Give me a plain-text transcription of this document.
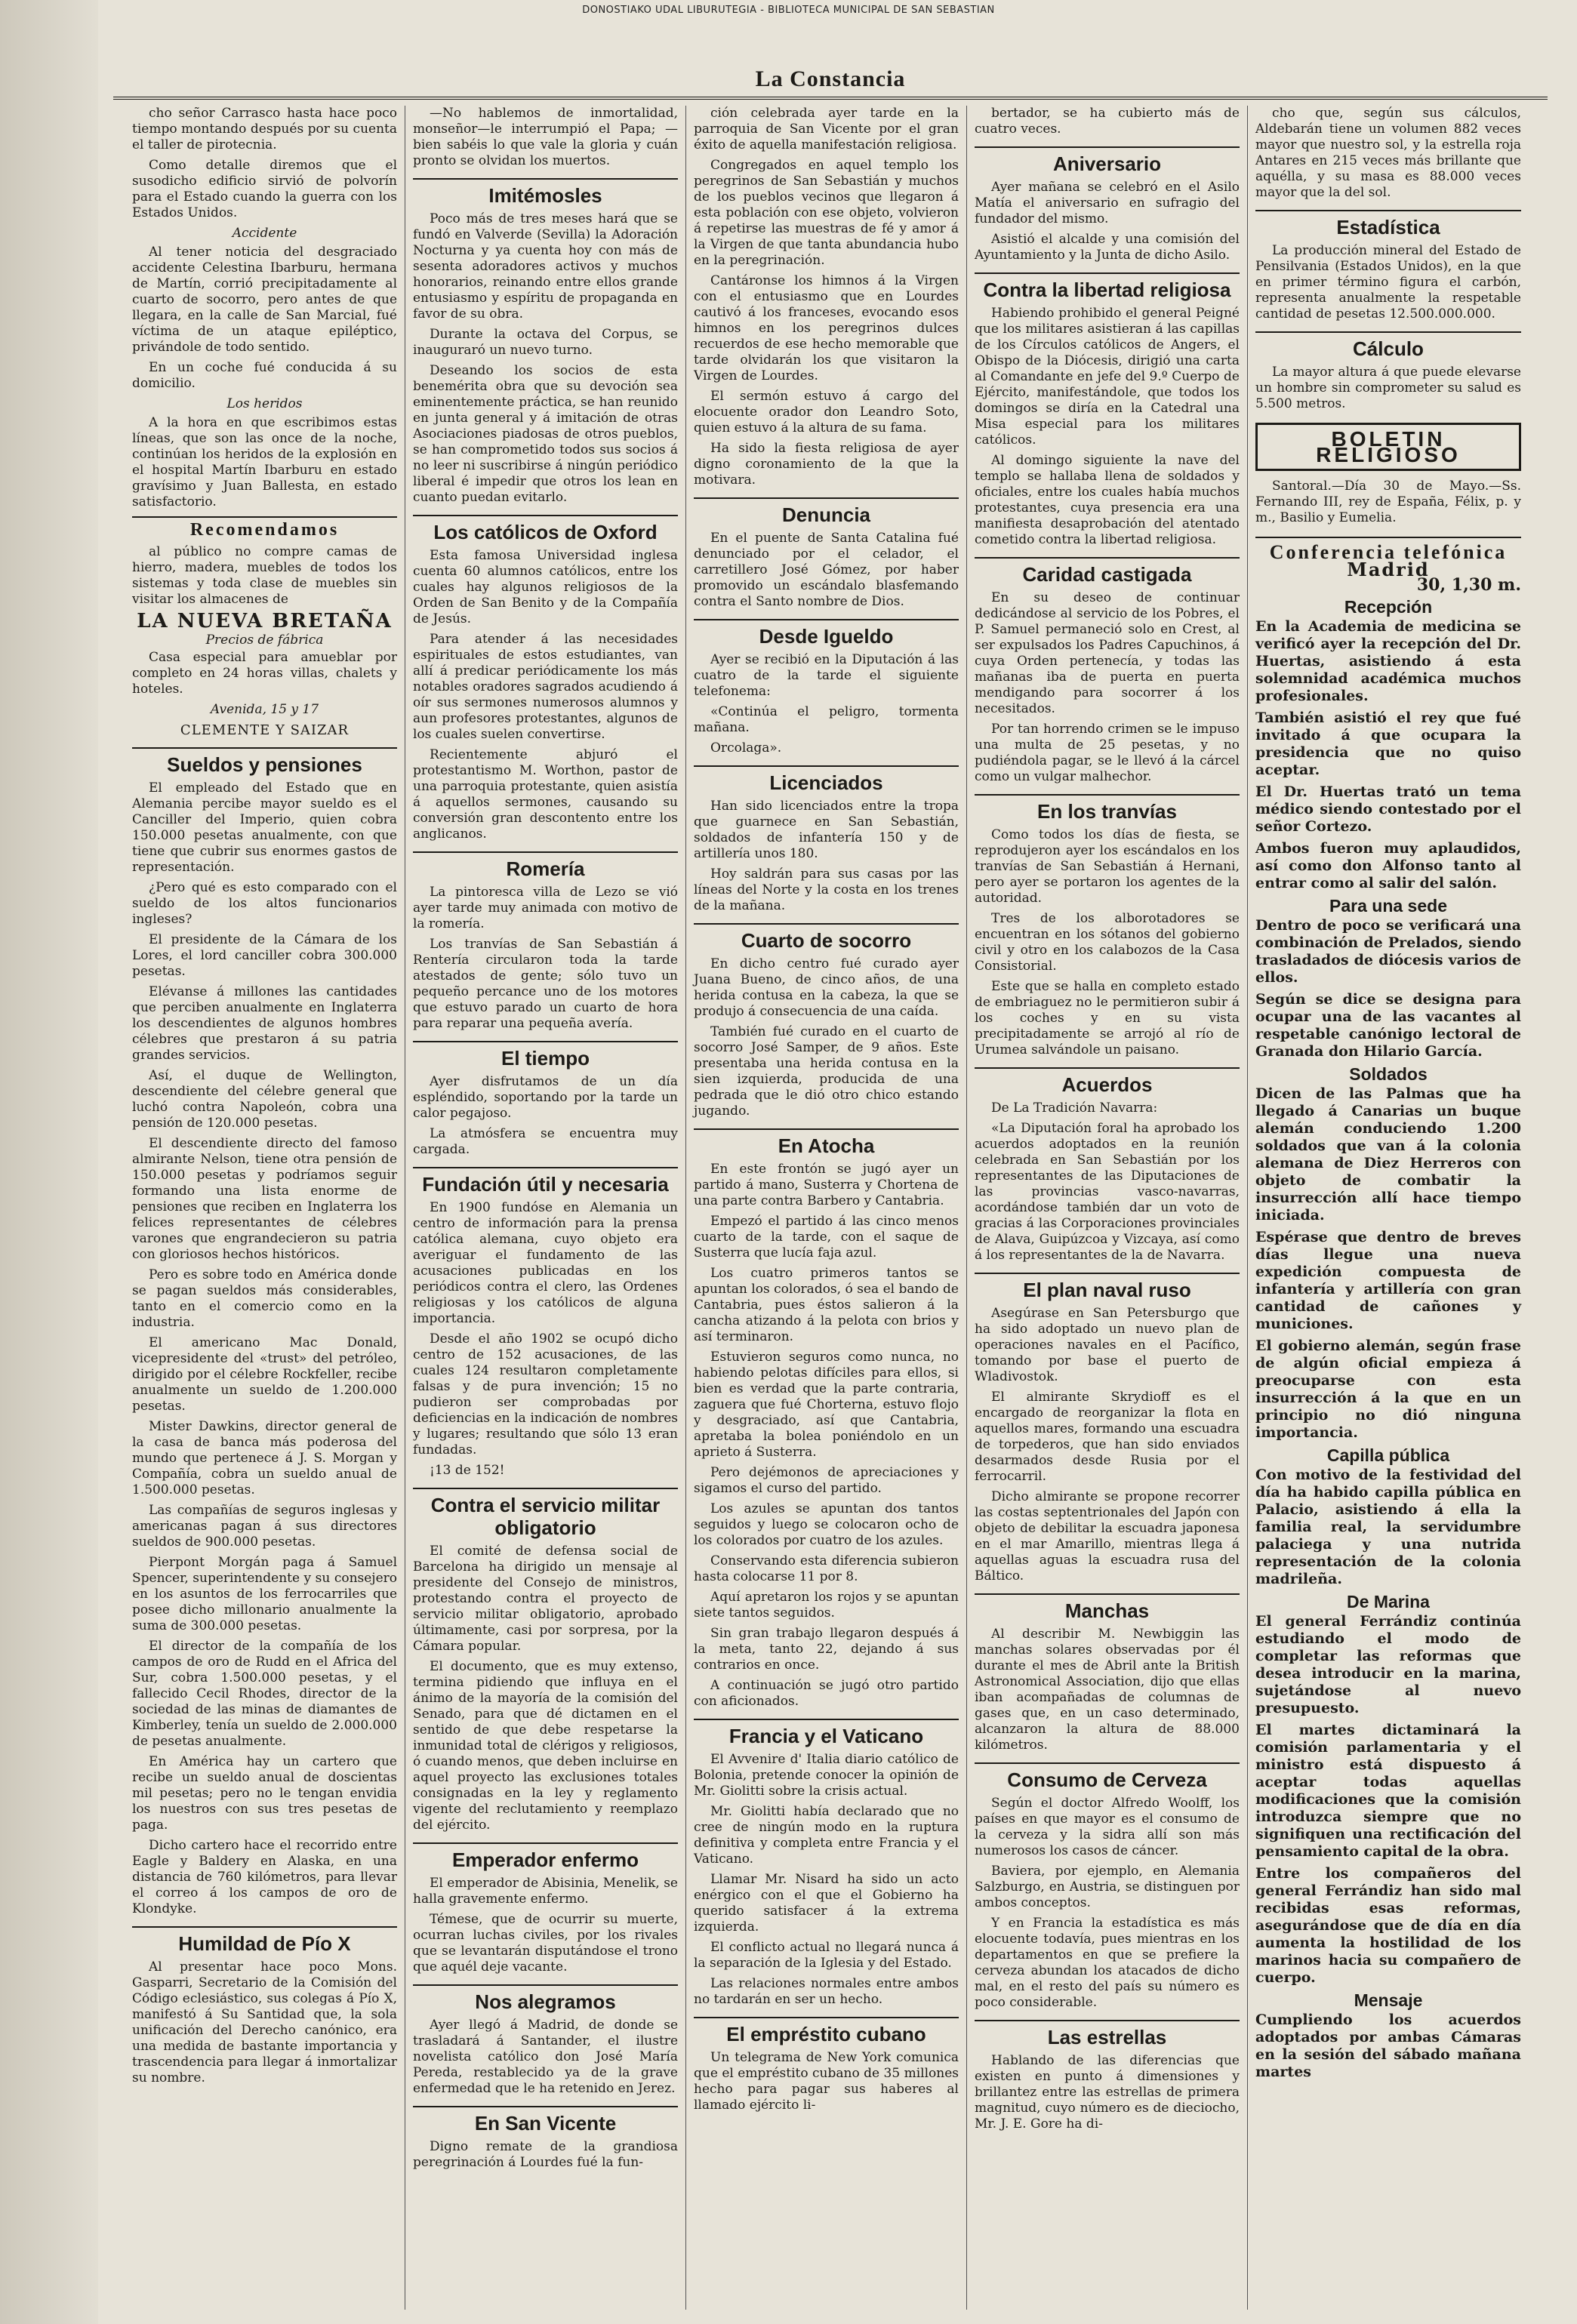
DONOSTIAKO UDAL LIBURUTEGIA - BIBLIOTECA MUNICIPAL DE SAN SEBASTIAN
La Constancia

cho señor Carrasco hasta hace poco tiempo montando después por su cuenta el taller de pirotecnia.

Como detalle diremos que el susodicho edificio sirvió de polvorín para el Estado cuando la guerra con los Estados Unidos.

Accidente

Al tener noticia del desgraciado accidente Celestina Ibarburu, hermana de Martín, corrió precipitadamente al cuarto de socorro, pero antes de que llegara, en la calle de San Marcial, fué víctima de un ataque epiléptico, privándole de todo sentido.

En un coche fué conducida á su domicilio.

Los heridos

A la hora en que escribimos estas líneas, que son las once de la noche, continúan los heridos de la explosión en el hospital Martín Ibarburu en estado gravísimo y Juan Ballesta, en estado satisfactorio.

Recomendamos

al público no compre camas de hierro, madera, muebles de todos los sistemas y toda clase de muebles sin visitar los almacenes de

LA NUEVA BRETAÑA
Precios de fábrica

Casa especial para amueblar por completo en 24 horas villas, chalets y hoteles.

Avenida, 15 y 17
CLEMENTE Y SAIZAR
Sueldos y pensiones

El empleado del Estado que en Alemania percibe mayor sueldo es el Canciller del Imperio, quien cobra 150.000 pesetas anualmente, con que tiene que cubrir sus enormes gastos de representación.

¿Pero qué es esto comparado con el sueldo de los altos funcionarios ingleses?

El presidente de la Cámara de los Lores, el lord canciller cobra 300.000 pesetas.

Elévanse á millones las cantidades que perciben anualmente en Inglaterra los descendientes de algunos hombres célebres que prestaron á su patria grandes servicios.

Así, el duque de Wellington, descendiente del célebre general que luchó contra Napoleón, cobra una pensión de 120.000 pesetas.

El descendiente directo del famoso almirante Nelson, tiene otra pensión de 150.000 pesetas y podríamos seguir formando una lista enorme de pensiones que reciben en Inglaterra los felices representantes de célebres varones que engrandecieron su patria con gloriosos hechos históricos.

Pero es sobre todo en América donde se pagan sueldos más considerables, tanto en el comercio como en la industria.

El americano Mac Donald, vicepresidente del «trust» del petróleo, dirigido por el célebre Rockfeller, recibe anualmente un sueldo de 1.200.000 pesetas.

Mister Dawkins, director general de la casa de banca más poderosa del mundo que pertenece á J. S. Morgan y Compañía, cobra un sueldo anual de 1.500.000 pesetas.

Las compañías de seguros inglesas y americanas pagan á sus directores sueldos de 900.000 pesetas.

Pierpont Morgán paga á Samuel Spencer, superintendente y su consejero en los asuntos de los ferrocarriles que posee dicho millonario anualmente la suma de 300.000 pesetas.

El director de la compañía de los campos de oro de Rudd en el Africa del Sur, cobra 1.500.000 pesetas, y el fallecido Cecil Rhodes, director de la sociedad de las minas de diamantes de Kimberley, tenía un sueldo de 2.000.000 de pesetas anualmente.

En América hay un cartero que recibe un sueldo anual de doscientas mil pesetas; pero no le tengan envidia los nuestros con sus tres pesetas de paga.

Dicho cartero hace el recorrido entre Eagle y Baldery en Alaska, en una distancia de 760 kilómetros, para llevar el correo á los campos de oro de Klondyke.

Humildad de Pío X

Al presentar hace poco Mons. Gasparri, Secretario de la Comisión del Código eclesiástico, sus colegas á Pío X, manifestó á Su Santidad que, la sola unificación del Derecho canónico, era una medida de bastante importancia y trascendencia para llegar á inmortalizar su nombre.

—No hablemos de inmortalidad, monseñor—le interrumpió el Papa; —bien sabéis lo que vale la gloria y cuán pronto se olvidan los muertos.

Imitémosles

Poco más de tres meses hará que se fundó en Valverde (Sevilla) la Adoración Nocturna y ya cuenta hoy con más de sesenta adoradores activos y muchos honorarios, reinando entre ellos grande entusiasmo y espíritu de propaganda en favor de su obra.

Durante la octava del Corpus, se inauguraró un nuevo turno.

Deseando los socios de esta benemérita obra que su devoción sea eminentemente práctica, se han reunido en junta general y á imitación de otras Asociaciones piadosas de otros pueblos, se han comprometido todos sus socios á no leer ni suscribirse á ningún periódico liberal é impedir que otros los lean en cuanto puedan evitarlo.

Los católicos de Oxford

Esta famosa Universidad inglesa cuenta 60 alumnos católicos, entre los cuales hay algunos religiosos de la Orden de San Benito y de la Compañía de Jesús.

Para atender á las necesidades espirituales de estos estudiantes, van allí á predicar periódicamente los más notables oradores sagrados acudiendo á oír sus sermones numerosos alumnos y aun profesores protestantes, algunos de los cuales suelen convertirse.

Recientemente abjuró el protestantismo M. Worthon, pastor de una parroquia protestante, quien asistía á aquellos sermones, causando su conversión gran descontento entre los anglicanos.

Romería

La pintoresca villa de Lezo se vió ayer tarde muy animada con motivo de la romería.

Los tranvías de San Sebastián á Rentería circularon toda la tarde atestados de gente; sólo tuvo un pequeño percance uno de los motores que estuvo parado un cuarto de hora para reparar una pequeña avería.

El tiempo

Ayer disfrutamos de un día espléndido, soportando por la tarde un calor pegajoso.

La atmósfera se encuentra muy cargada.

Fundación útil y necesaria

En 1900 fundóse en Alemania un centro de información para la prensa católica alemana, cuyo objeto era averiguar el fundamento de las acusaciones publicadas en los periódicos contra el clero, las Ordenes religiosas y los católicos de alguna importancia.

Desde el año 1902 se ocupó dicho centro de 152 acusaciones, de las cuales 124 resultaron completamente falsas y de pura invención; 15 no pudieron ser comprobadas por deficiencias en la indicación de nombres y lugares; resultando que sólo 13 eran fundadas.

¡13 de 152!

Contra el servicio militar obligatorio

El comité de defensa social de Barcelona ha dirigido un mensaje al presidente del Consejo de ministros, protestando contra el proyecto de servicio militar obligatorio, aprobado últimamente, casi por sorpresa, por la Cámara popular.

El documento, que es muy extenso, termina pidiendo que influya en el ánimo de la mayoría de la comisión del Senado, para que dé dictamen en el sentido de que debe respetarse la inmunidad total de clérigos y religiosos, ó cuando menos, que deben incluirse en aquel proyecto las exclusiones totales consignadas en la ley y reglamento vigente del reclutamiento y reemplazo del ejército.

Emperador enfermo

El emperador de Abisinia, Menelik, se halla gravemente enfermo.

Témese, que de ocurrir su muerte, ocurran luchas civiles, por los rivales que se levantarán disputándose el trono que aquél deje vacante.

Nos alegramos

Ayer llegó á Madrid, de donde se trasladará á Santander, el ilustre novelista católico don José María Pereda, restablecido ya de la grave enfermedad que le ha retenido en Jerez.

En San Vicente

Digno remate de la grandiosa peregrinación á Lourdes fué la fun-

ción celebrada ayer tarde en la parroquia de San Vicente por el gran éxito de aquella manifestación religiosa.

Congregados en aquel templo los peregrinos de San Sebastián y muchos de los pueblos vecinos que llegaron á esta población con ese objeto, volvieron á repetirse las muestras de fé y amor á la Virgen de que tanta abundancia hubo en la peregrinación.

Cantáronse los himnos á la Virgen con el entusiasmo que en Lourdes cautivó á los franceses, evocando esos himnos en los peregrinos dulces recuerdos de ese hecho memorable que tarde olvidarán los que visitaron la Virgen de Lourdes.

El sermón estuvo á cargo del elocuente orador don Leandro Soto, quien estuvo á la altura de su fama.

Ha sido la fiesta religiosa de ayer digno coronamiento de la que la motivara.

Denuncia

En el puente de Santa Catalina fué denunciado por el celador, el carretillero José Gómez, por haber promovido un escándalo blasfemando contra el Santo nombre de Dios.

Desde Igueldo

Ayer se recibió en la Diputación á las cuatro de la tarde el siguiente telefonema:

«Continúa el peligro, tormenta mañana.

Orcolaga».

Licenciados

Han sido licenciados entre la tropa que guarnece en San Sebastián, soldados de infantería 150 y de artillería unos 180.

Hoy saldrán para sus casas por las líneas del Norte y la costa en los trenes de la mañana.

Cuarto de socorro

En dicho centro fué curado ayer Juana Bueno, de cinco años, de una herida contusa en la cabeza, la que se produjo á consecuencia de una caída.

También fué curado en el cuarto de socorro José Samper, de 9 años. Este presentaba una herida contusa en la sien izquierda, producida de una pedrada que le dió otro chico estando jugando.

En Atocha

En este frontón se jugó ayer un partido á mano, Susterra y Chortena de una parte contra Barbero y Cantabria.

Empezó el partido á las cinco menos cuarto de la tarde, con el saque de Susterra que lucía faja azul.

Los cuatro primeros tantos se apuntan los colorados, ó sea el bando de Cantabria, pues éstos salieron á la cancha atizando á la pelota con brios y así terminaron.

Estuvieron seguros como nunca, no habiendo pelotas difíciles para ellos, si bien es verdad que la parte contraria, zaguera que fué Chorterna, estuvo flojo y desgraciado, así que Cantabria, apretaba la bolea poniéndolo en un aprieto á Susterra.

Pero dejémonos de apreciaciones y sigamos el curso del partido.

Los azules se apuntan dos tantos seguidos y luego se colocaron ocho de los colorados por cuatro de los azules.

Conservando esta diferencia subieron hasta colocarse 11 por 8.

Aquí apretaron los rojos y se apuntan siete tantos seguidos.

Sin gran trabajo llegaron después á la meta, tanto 22, dejando á sus contrarios en once.

A continuación se jugó otro partido con aficionados.

Francia y el Vaticano

El Avvenire d' Italia diario católico de Bolonia, pretende conocer la opinión de Mr. Giolitti sobre la crisis actual.

Mr. Giolitti había declarado que no cree de ningún modo en la ruptura definitiva y completa entre Francia y el Vaticano.

Llamar Mr. Nisard ha sido un acto enérgico con el que el Gobierno ha querido satisfacer á la extrema izquierda.

El conflicto actual no llegará nunca á la separación de la Iglesia y del Estado.

Las relaciones normales entre ambos no tardarán en ser un hecho.

El empréstito cubano

Un telegrama de New York comunica que el empréstito cubano de 35 millones hecho para pagar sus haberes al llamado ejército li-

bertador, se ha cubierto más de cuatro veces.

Aniversario

Ayer mañana se celebró en el Asilo Matía el aniversario en sufragio del fundador del mismo.

Asistió el alcalde y una comisión del Ayuntamiento y la Junta de dicho Asilo.

Contra la libertad religiosa

Habiendo prohibido el general Peigné que los militares asistieran á las capillas de los Círculos católicos de Angers, el Obispo de la Diócesis, dirigió una carta al Comandante en jefe del 9.º Cuerpo de Ejército, manifestándole, que todos los domingos se diría en la Catedral una Misa especial para los militares católicos.

Al domingo siguiente la nave del templo se hallaba llena de soldados y oficiales, entre los cuales había muchos protestantes, cuya presencia era una manifiesta desaprobación del atentado cometido contra la libertad religiosa.

Caridad castigada

En su deseo de continuar dedicándose al servicio de los Pobres, el P. Samuel permaneció solo en Crest, al ser expulsados los Padres Capuchinos, á cuya Orden pertenecía, y todas las mañanas iba de puerta en puerta mendigando para socorrer á los necesitados.

Por tan horrendo crimen se le impuso una multa de 25 pesetas, y no pudiéndola pagar, se le llevó á la cárcel como un vulgar malhechor.

En los tranvías

Como todos los días de fiesta, se reprodujeron ayer los escándalos en los tranvías de San Sebastián á Hernani, pero ayer se portaron los agentes de la autoridad.

Tres de los alborotadores se encuentran en los sótanos del gobierno civil y otro en los calabozos de la Casa Consistorial.

Este que se halla en completo estado de embriaguez no le permitieron subir á los coches y en su vista precipitadamente se arrojó al río de Urumea salvándole un paisano.

Acuerdos

De La Tradición Navarra:

«La Diputación foral ha aprobado los acuerdos adoptados en la reunión celebrada en San Sebastián por los representantes de las Diputaciones de las provincias vasco-navarras, acordándose también dar un voto de gracias á las Corporaciones provinciales de Alava, Guipúzcoa y Vizcaya, así como á los representantes de la de Navarra.

El plan naval ruso

Asegúrase en San Petersburgo que ha sido adoptado un nuevo plan de operaciones navales en el Pacífico, tomando por base el puerto de Wladivostok.

El almirante Skrydioff es el encargado de reorganizar la flota en aquellos mares, formando una escuadra de torpederos, que han sido enviados desarmados desde Rusia por el ferrocarril.

Dicho almirante se propone recorrer las costas septentrionales del Japón con objeto de debilitar la escuadra japonesa en el mar Amarillo, mientras llega á aquellas aguas la escuadra rusa del Báltico.

Manchas

Al describir M. Newbiggin las manchas solares observadas por él durante el mes de Abril ante la British Astronomical Association, dijo que ellas iban acompañadas de columnas de gases que, en un caso determinado, alcanzaron la altura de 88.000 kilómetros.

Consumo de Cerveza

Según el doctor Alfredo Woolff, los países en que mayor es el consumo de la cerveza y la sidra allí son más numerosos los casos de cáncer.

Baviera, por ejemplo, en Alemania Salzburgo, en Austria, se distinguen por ambos conceptos.

Y en Francia la estadística es más elocuente todavía, pues mientras en los departamentos en que se prefiere la cerveza abundan los atacados de dicho mal, en el resto del país su número es poco considerable.

Las estrellas

Hablando de las diferencias que existen en punto á dimensiones y brillantez entre las estrellas de primera magnitud, cuyo número es de dieciocho, Mr. J. E. Gore ha di-

cho que, según sus cálculos, Aldebarán tiene un volumen 882 veces mayor que nuestro sol, y la estrella roja Antares en 215 veces más brillante que aquélla, y su masa es 88.000 veces mayor que la del sol.

Estadística

La producción mineral del Estado de Pensilvania (Estados Unidos), en la que en primer término figura el carbón, representa anualmente la respetable cantidad de pesetas 12.500.000.000.

Cálculo

La mayor altura á que puede elevarse un hombre sin comprometer su salud es 5.500 metros.

BOLETIN RELIGIOSO

Santoral.—Día 30 de Mayo.—Ss. Fernando III, rey de España, Félix, p. y m., Basilio y Eumelia.

Conferencia telefónica
Madrid
30, 1,30 m.
Recepción

En la Academia de medicina se verificó ayer la recepción del Dr. Huertas, asistiendo á esta solemnidad académica muchos profesionales.

También asistió el rey que fué invitado á que ocupara la presidencia que no quiso aceptar.

El Dr. Huertas trató un tema médico siendo contestado por el señor Cortezo.

Ambos fueron muy aplaudidos, así como don Alfonso tanto al entrar como al salir del salón.

Para una sede

Dentro de poco se verificará una combinación de Prelados, siendo trasladados de diócesis varios de ellos.

Según se dice se designa para ocupar una de las vacantes al respetable canónigo lectoral de Granada don Hilario García.

Soldados

Dicen de las Palmas que ha llegado á Canarias un buque alemán conduciendo 1.200 soldados que van á la colonia alemana de Diez Herreros con objeto de combatir la insurrección allí hace tiempo iniciada.

Espérase que dentro de breves días llegue una nueva expedición compuesta de infantería y artillería con gran cantidad de cañones y municiones.

El gobierno alemán, según frase de algún oficial empieza á preocuparse con esta insurrección á la que en un principio no dió ninguna importancia.

Capilla pública

Con motivo de la festividad del día ha habido capilla pública en Palacio, asistiendo á ella la familia real, la servidumbre palaciega y una nutrida representación de la colonia madrileña.

De Marina

El general Ferrándiz continúa estudiando el modo de completar las reformas que desea introducir en la marina, sujetándose al nuevo presupuesto.

El martes dictaminará la comisión parlamentaria y el ministro está dispuesto á aceptar todas aquellas modificaciones que la comisión introduzca siempre que no signifiquen una rectificación del pensamiento capital de la obra.

Entre los compañeros del general Ferrándiz han sido mal recibidas esas reformas, asegurándose que de día en día aumenta la hostilidad de los marinos hacia su compañero de cuerpo.

Mensaje

Cumpliendo los acuerdos adoptados por ambas Cámaras en la sesión del sábado mañana martes
